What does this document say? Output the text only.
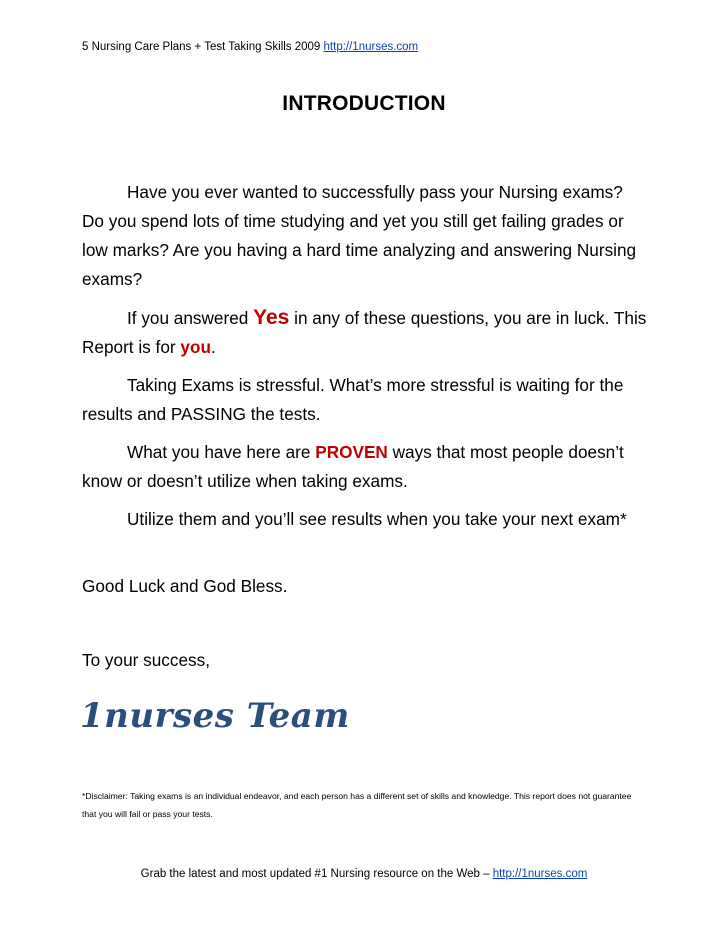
5 Nursing Care Plans + Test Taking Skills 2009 http://1nurses.com
INTRODUCTION

Have you ever wanted to successfully pass your Nursing exams? Do you spend lots of time studying and yet you still get failing grades or low marks? Are you having a hard time analyzing and answering Nursing exams?

If you answered Yes in any of these questions, you are in luck. This Report is for you.

Taking Exams is stressful. What’s more stressful is waiting for the results and PASSING the tests.

What you have here are PROVEN ways that most people doesn’t know or doesn’t utilize when taking exams.

Utilize them and you’ll see results when you take your next exam*

Good Luck and God Bless.
To your success,
1nurses Team
*Disclaimer: Taking exams is an individual endeavor, and each person has a different set of skills and knowledge. This report does not guarantee that you will fail or pass your tests.
Grab the latest and most updated #1 Nursing resource on the Web – http://1nurses.com
